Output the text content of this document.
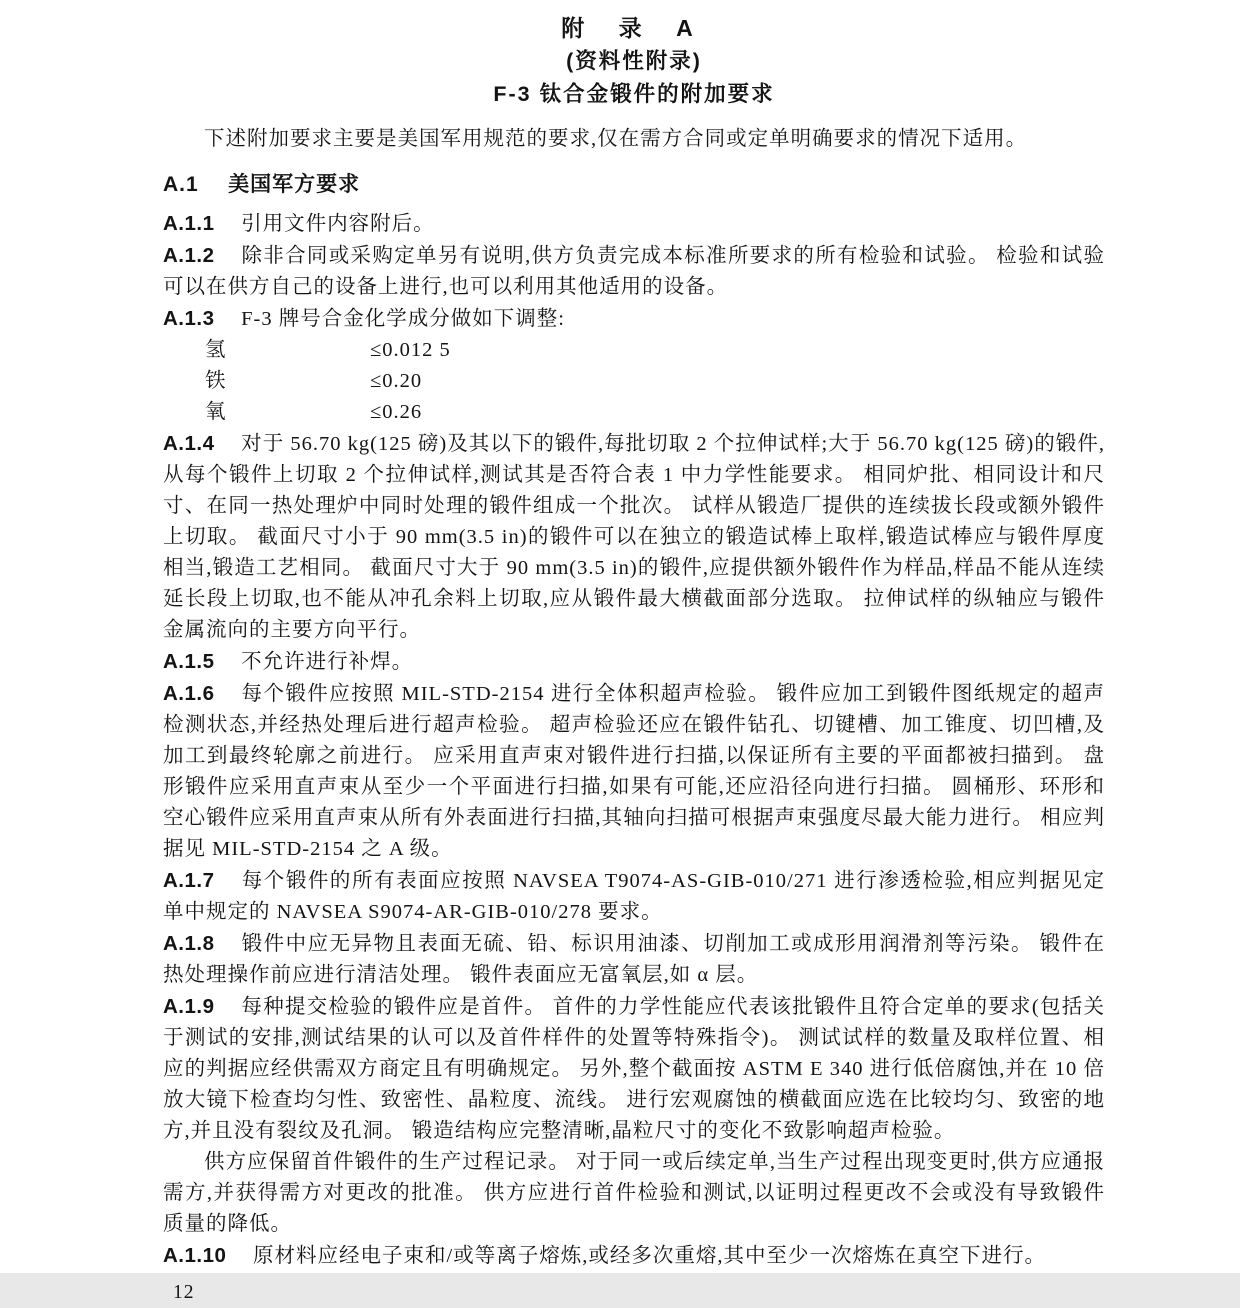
附 录 A
(资料性附录)
F-3 钛合金锻件的附加要求

下述附加要求主要是美国军用规范的要求,仅在需方合同或定单明确要求的情况下适用。

A.1 美国军方要求

A.1.1 引用文件内容附后。

A.1.2 除非合同或采购定单另有说明,供方负责完成本标准所要求的所有检验和试验。 检验和试验可以在供方自己的设备上进行,也可以利用其他适用的设备。

A.1.3 F-3 牌号合金化学成分做如下调整:

氢	≤0.012 5
铁	≤0.20
氧	≤0.26

A.1.4 对于 56.70 kg(125 磅)及其以下的锻件,每批切取 2 个拉伸试样;大于 56.70 kg(125 磅)的锻件,从每个锻件上切取 2 个拉伸试样,测试其是否符合表 1 中力学性能要求。 相同炉批、相同设计和尺寸、在同一热处理炉中同时处理的锻件组成一个批次。 试样从锻造厂提供的连续拔长段或额外锻件上切取。 截面尺寸小于 90 mm(3.5 in)的锻件可以在独立的锻造试棒上取样,锻造试棒应与锻件厚度相当,锻造工艺相同。 截面尺寸大于 90 mm(3.5 in)的锻件,应提供额外锻件作为样品,样品不能从连续延长段上切取,也不能从冲孔余料上切取,应从锻件最大横截面部分选取。 拉伸试样的纵轴应与锻件金属流向的主要方向平行。

A.1.5 不允许进行补焊。

A.1.6 每个锻件应按照 MIL-STD-2154 进行全体积超声检验。 锻件应加工到锻件图纸规定的超声检测状态,并经热处理后进行超声检验。 超声检验还应在锻件钻孔、切键槽、加工锥度、切凹槽,及加工到最终轮廓之前进行。 应采用直声束对锻件进行扫描,以保证所有主要的平面都被扫描到。 盘形锻件应采用直声束从至少一个平面进行扫描,如果有可能,还应沿径向进行扫描。 圆桶形、环形和空心锻件应采用直声束从所有外表面进行扫描,其轴向扫描可根据声束强度尽最大能力进行。 相应判据见 MIL-STD-2154 之 A 级。

A.1.7 每个锻件的所有表面应按照 NAVSEA T9074-AS-GIB-010/271 进行渗透检验,相应判据见定单中规定的 NAVSEA S9074-AR-GIB-010/278 要求。

A.1.8 锻件中应无异物且表面无硫、铅、标识用油漆、切削加工或成形用润滑剂等污染。 锻件在热处理操作前应进行清洁处理。 锻件表面应无富氧层,如 α 层。

A.1.9 每种提交检验的锻件应是首件。 首件的力学性能应代表该批锻件且符合定单的要求(包括关于测试的安排,测试结果的认可以及首件样件的处置等特殊指令)。 测试试样的数量及取样位置、相应的判据应经供需双方商定且有明确规定。 另外,整个截面按 ASTM E 340 进行低倍腐蚀,并在 10 倍放大镜下检查均匀性、致密性、晶粒度、流线。 进行宏观腐蚀的横截面应选在比较均匀、致密的地方,并且没有裂纹及孔洞。 锻造结构应完整清晰,晶粒尺寸的变化不致影响超声检验。

供方应保留首件锻件的生产过程记录。 对于同一或后续定单,当生产过程出现变更时,供方应通报需方,并获得需方对更改的批准。 供方应进行首件检验和测试,以证明过程更改不会或没有导致锻件质量的降低。

A.1.10 原材料应经电子束和/或等离子熔炼,或经多次重熔,其中至少一次熔炼在真空下进行。

12
